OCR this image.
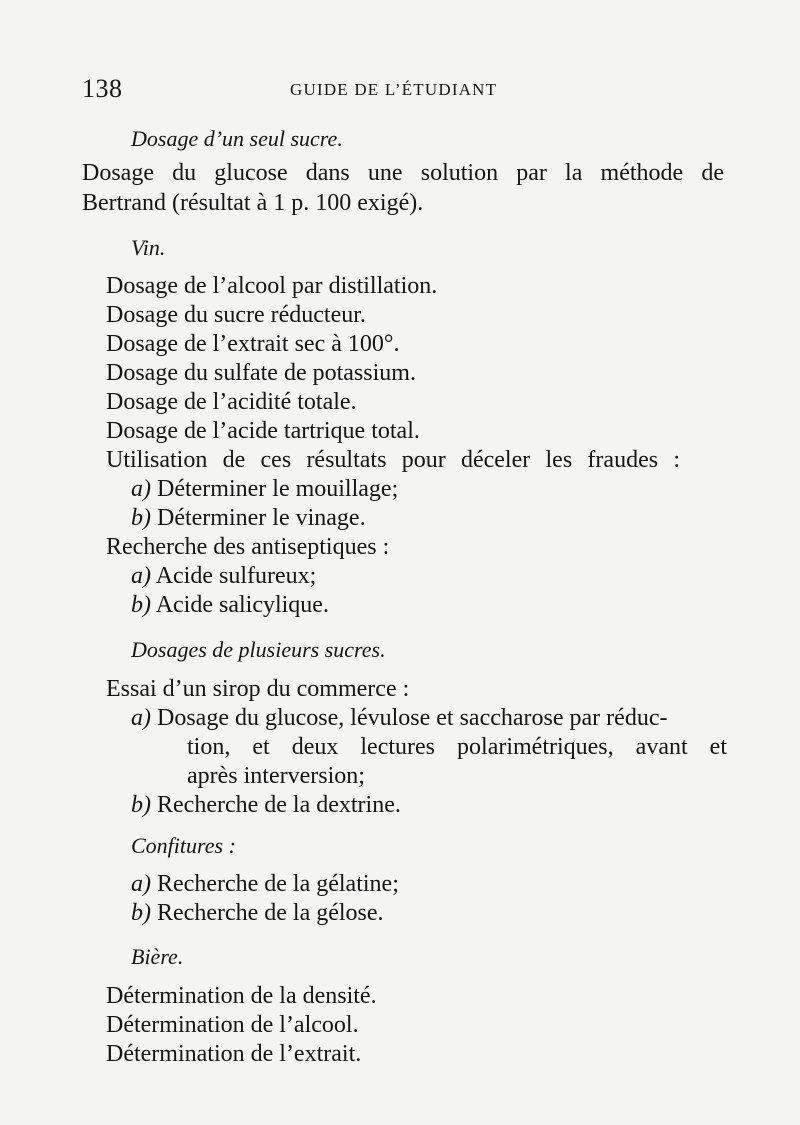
138	GUIDE DE L’ÉTUDIANT
Dosage d’un seul sucre.
Dosage du glucose dans une solution par la méthode de
Bertrand (résultat à 1 p. 100 exigé).
Vin.
Dosage de l’alcool par distillation.
Dosage du sucre réducteur.
Dosage de l’extrait sec à 100°.
Dosage du sulfate de potassium.
Dosage de l’acidité totale.
Dosage de l’acide tartrique total.
Utilisation de ces résultats pour déceler les fraudes :
a) Déterminer le mouillage;
b) Déterminer le vinage.
Recherche des antiseptiques :
a) Acide sulfureux;
b) Acide salicylique.
Dosages de plusieurs sucres.
Essai d’un sirop du commerce :
a) Dosage du glucose, lévulose et saccharose par réduc-
tion, et deux lectures polarimétriques, avant et
après interversion;
b) Recherche de la dextrine.
Confitures :
a) Recherche de la gélatine;
b) Recherche de la gélose.
Bière.
Détermination de la densité.
Détermination de l’alcool.
Détermination de l’extrait.
